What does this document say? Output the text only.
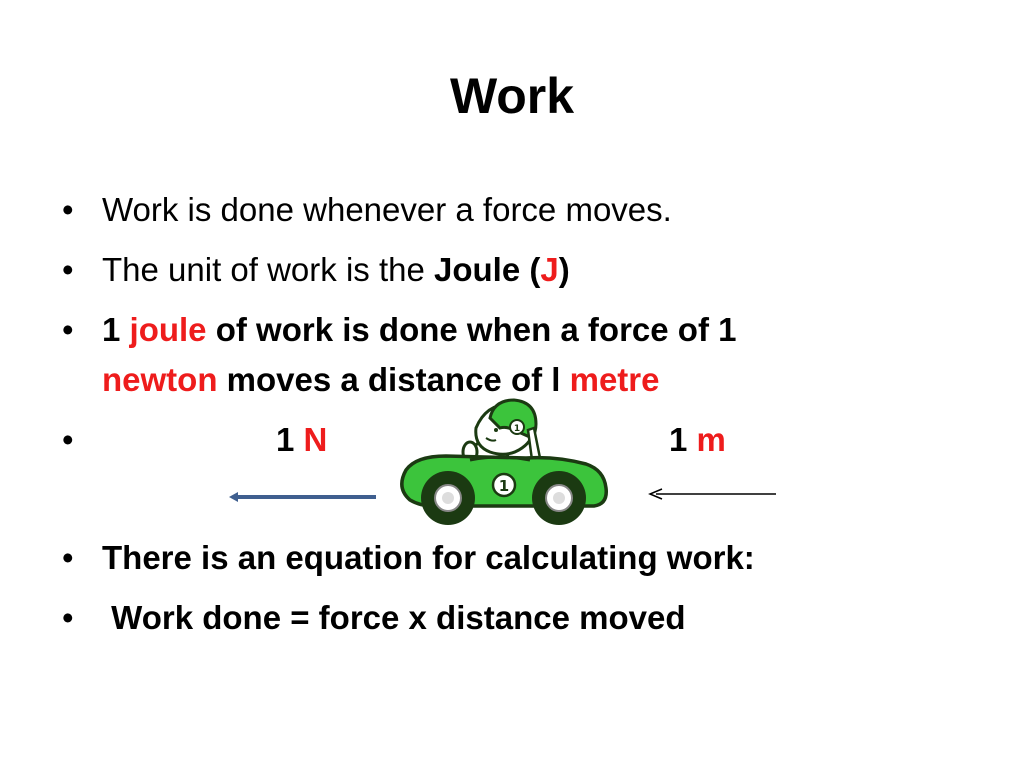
Work
• Work is done whenever a force moves.
• The unit of work is the Joule (J)
• 1 joule of work is done when a force of 1
newton moves a distance of l metre
•
• There is an equation for calculating work:
• Work done = force x distance moved
1 N	1 m
1
1
